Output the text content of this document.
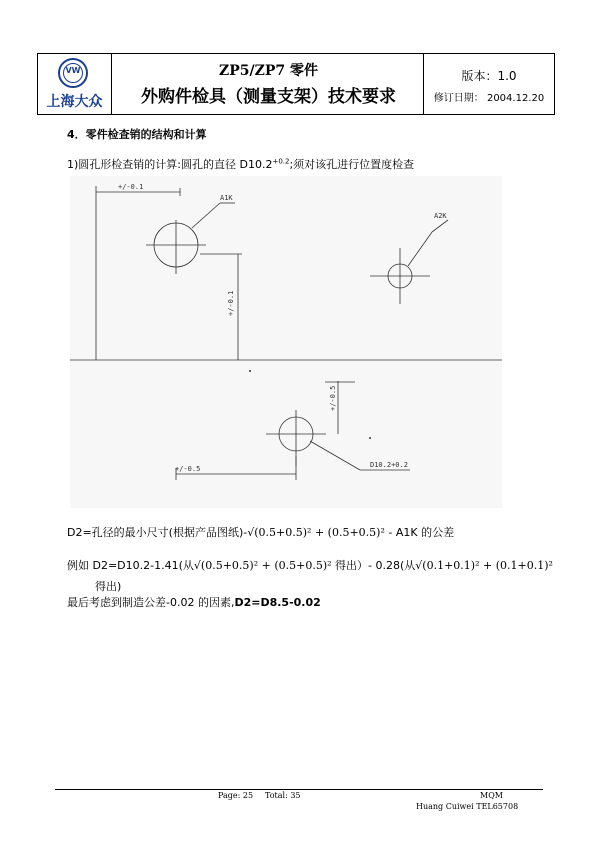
VW
上海大众
ZP5/ZP7 零件
外购件检具（测量支架）技术要求
版本：1.0
修订日期： 2004.12.20
4．零件检查销的结构和计算
1)圆孔形检查销的计算:圆孔的直径 $D10.2^{+0.2}$;须对该孔进行位置度检查
+/-0.1
A1K
A2K
D10.2+0.2
+/-0.5
+/-0.1
+/-0.5
D2=孔径的最小尺寸(根据产品图纸)-√(0.5+0.5)² + (0.5+0.5)² - A1K 的公差
例如 D2=D10.2-1.41(从√(0.5+0.5)² + (0.5+0.5)² 得出）- 0.28(从√(0.1+0.1)² + (0.1+0.1)²
得出)
最后考虑到制造公差-0.02 的因素,D2=D8.5-0.02
Page: 25 Total: 35	MQM
Huang Cuiwei TEL65708
